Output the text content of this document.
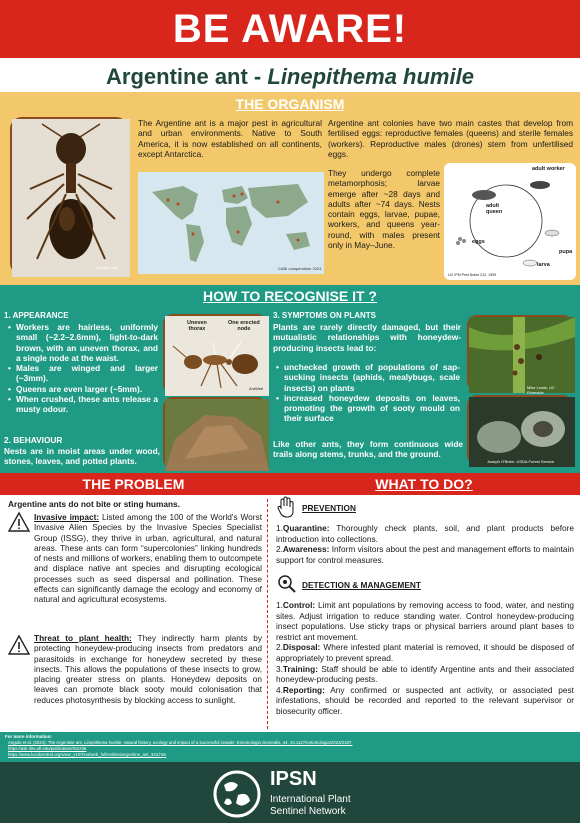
BE AWARE!
Argentine ant - Linepithema humile
THE ORGANISM
AntWeb.org
The Argentine ant is a major pest in agricultural and urban environments. Native to South America, it is now established on all continents, except Antarctica.
CABI compendium 2024
Argentine ant colonies have two main castes that develop from fertilised eggs: reproductive females (queens) and sterile females (workers). Reproductive males (drones) stem from unfertilised eggs.
They undergo complete metamorphosis; larvae emerge after ~28 days and adults after ~74 days. Nests contain eggs, larvae, pupae, workers, and queens year-round, with males present only in May–June.
adult worker
adult
queen
eggs
pupa
larva
UC IPM Pest Notes 312, 1999
HOW TO RECOGNISE IT ?
1. APPEARANCE
• Workers are hairless, uniformly small (~2.2–2.6mm), light-to-dark brown, with an uneven thorax, and a single node at the waist.
• Males are winged and larger (~3mm).
• Queens are even larger (~5mm).
• When crushed, these ants release a musty odour.
2. BEHAVIOUR
Nests are in moist areas under wood, stones, leaves, and potted plants.
Uneven
thorax
One erected
node
AntWeb
3. SYMPTOMS ON PLANTS
Plants are rarely directly damaged, but their mutualistic relationships with honeydew-producing insects lead to:
• unchecked growth of populations of sap-sucking insects (aphids, mealybugs, scale insects) on plants
• increased honeydew deposits on leaves, promoting the growth of sooty mould on their surface
Like other ants, they form continuous wide trails along stems, trunks, and the ground.
Mike Lewis, UC Riverside
Joseph O'Brien, USDA Forest Service
THE PROBLEM	WHAT TO DO?
Argentine ants do not bite or sting humans.
Invasive impact: Listed among the 100 of the World's Worst Invasive Alien Species by the Invasive Species Specialist Group (ISSG), they thrive in urban, agricultural, and natural areas. These ants can form “supercolonies” linking hundreds of nests and millions of workers, enabling them to outcompete and displace native ant species and disrupting ecological processes such as seed dispersal and pollination. These effects can significantly damage the ecology and economy of natural and agricultural ecosystems.
Threat to plant health: They indirectly harm plants by protecting honeydew-producing insects from predators and parasitoids in exchange for honeydew secreted by these insects. This allows the populations of these insects to grow, placing greater stress on plants. Honeydew deposits on leaves can promote black sooty mould colonisation that reduces photosynthesis by blocking access to sunlight.
PREVENTION
1.Quarantine: Thoroughly check plants, soil, and plant products before introduction into collections.
2.Awareness: Inform visitors about the pest and management efforts to maintain support for control measures.
DETECTION & MANAGEMENT
1.Control: Limit ant populations by removing access to food, water, and nesting sites. Adjust irrigation to reduce standing water. Control honeydew-producing insect populations. Use sticky traps or physical barriers around plant bases to restrict ant movement.
2.Disposal: Where infested plant material is removed, it should be disposed of appropriately to prevent spread.
3.Training: Staff should be able to identify Argentine ants and their associated honeydew-producing pests.
4.Reporting: Any confirmed or suspected ant activity, or associated pest infestations, should be recorded and reported to the relevant supervisor or biosecurity officer.
For more information:
Angulo et al. (2024). The Argentine ant, Linepithema humile: natural history, ecology and impact of a successful invader. Entomologia Generalis, 44. 10.1127/entomologia/2023/2187.
https://ask.ifas.ufl.edu/publication/IN1236
https://www.lucidcentral.org/www_v10/Text/web_full/entities/argentine_ant_343.htm
IPSN
International Plant
Sentinel Network
